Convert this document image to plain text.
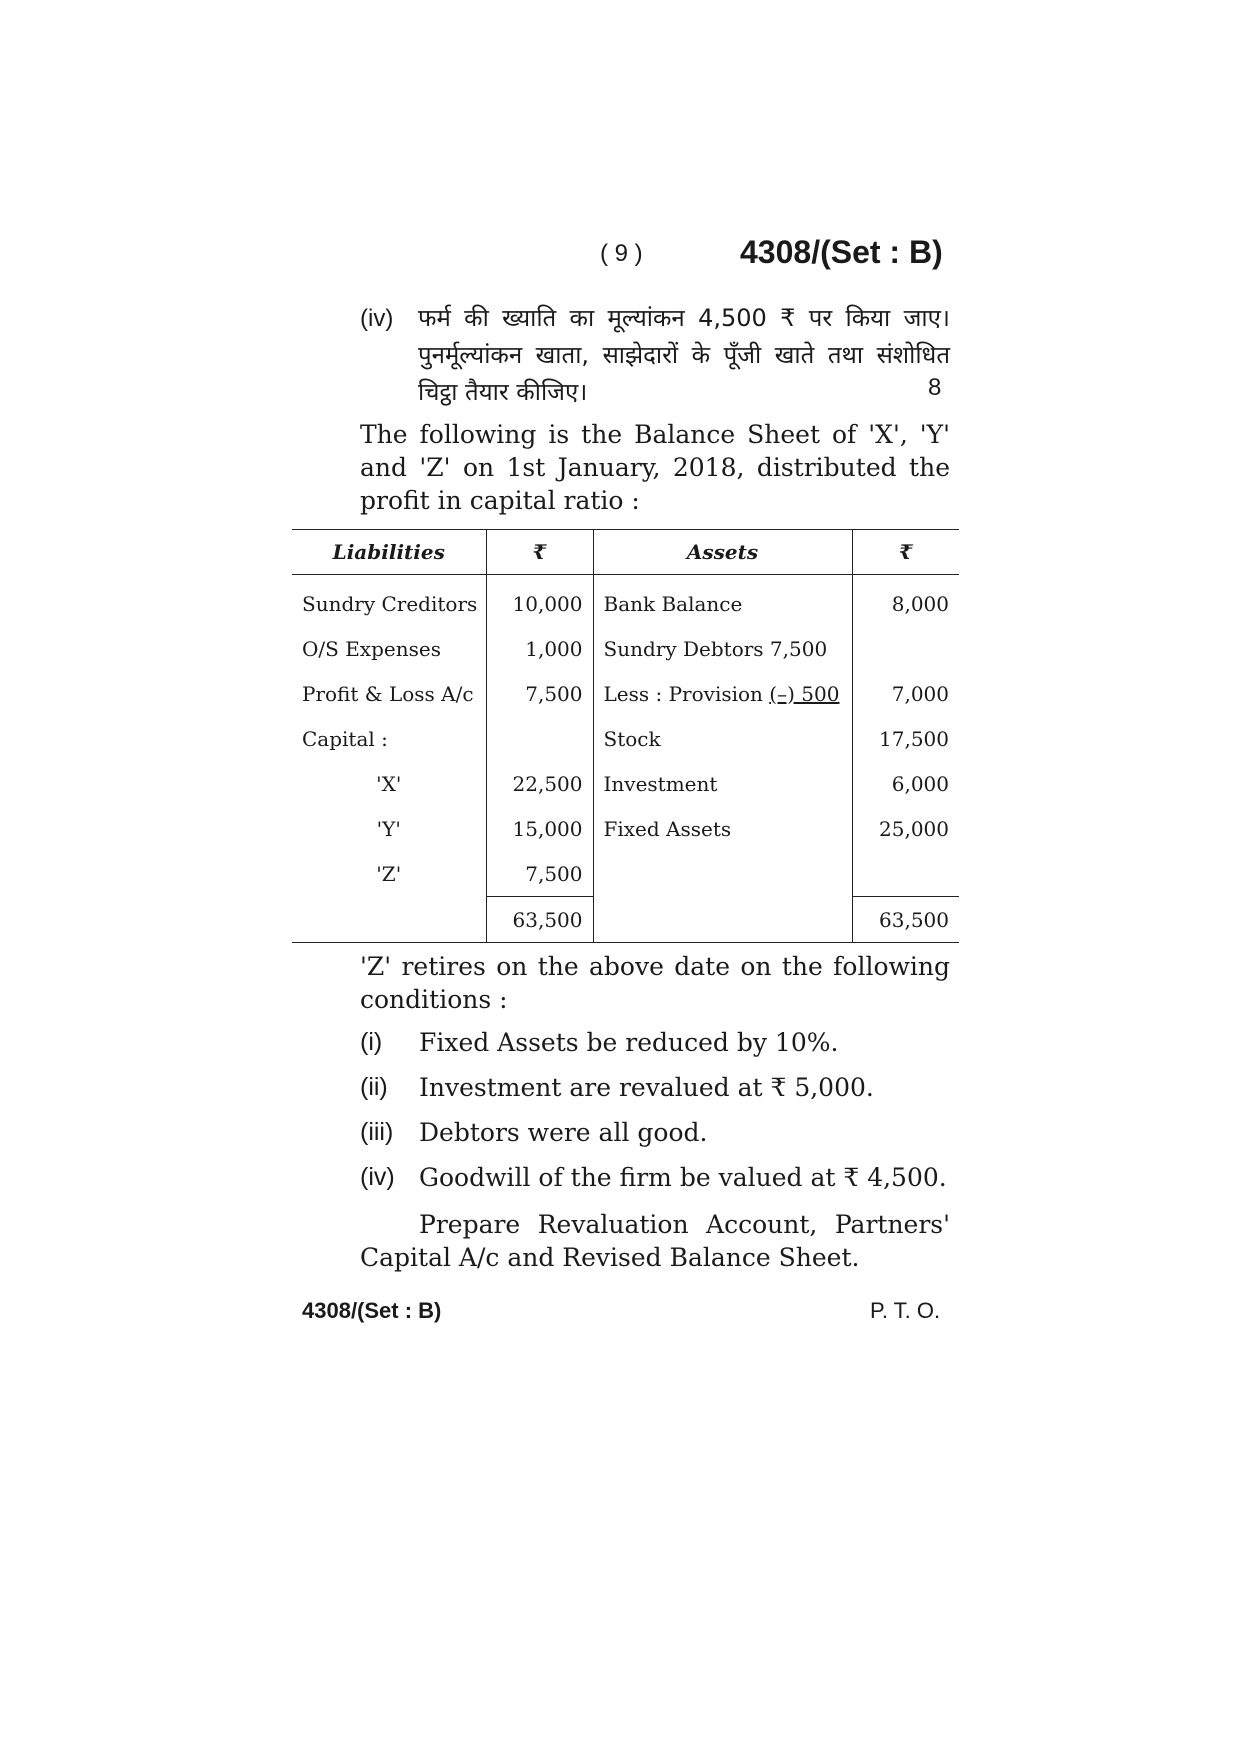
( 9 )	4308/(Set : B)
(iv) फर्म की ख्याति का मूल्यांकन 4,500 ₹ पर किया जाए। पुनर्मूल्यांकन खाता, साझेदारों के पूँजी खाते तथा संशोधित चिट्ठा तैयार कीजिए।	8
The following is the Balance Sheet of 'X', 'Y' and 'Z' on 1st January, 2018, distributed the profit in capital ratio :
Liabilities	₹	Assets	₹
Sundry Creditors	10,000	Bank Balance	8,000
O/S Expenses	1,000	Sundry Debtors 7,500	
Profit & Loss A/c	7,500	Less : Provision (–) 500	7,000
Capital :		Stock	17,500
'X'	22,500	Investment	6,000
'Y'	15,000	Fixed Assets	25,000
'Z'	7,500		
	63,500		63,500
'Z' retires on the above date on the following conditions :
(i) Fixed Assets be reduced by 10%.
(ii) Investment are revalued at ₹ 5,000.
(iii) Debtors were all good.
(iv) Goodwill of the firm be valued at ₹ 4,500.
Prepare Revaluation Account, Partners' Capital A/c and Revised Balance Sheet.
4308/(Set : B)	P. T. O.
